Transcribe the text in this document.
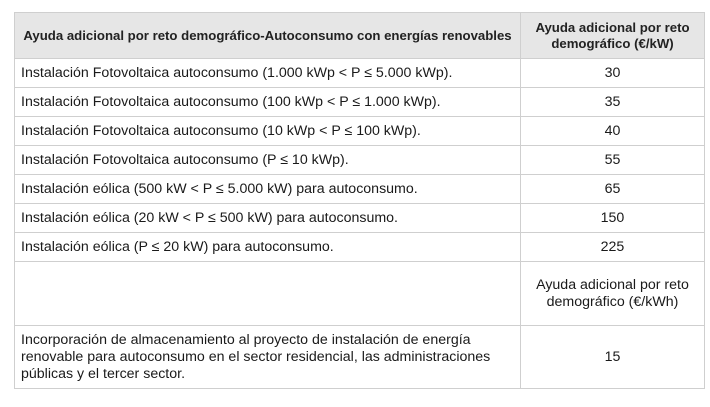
Ayuda adicional por reto demográfico-Autoconsumo con energías renovables	Ayuda adicional por reto demográfico (€/kW)
Instalación Fotovoltaica autoconsumo (1.000 kWp < P ≤ 5.000 kWp).	30
Instalación Fotovoltaica autoconsumo (100 kWp < P ≤ 1.000 kWp).	35
Instalación Fotovoltaica autoconsumo (10 kWp < P ≤ 100 kWp).	40
Instalación Fotovoltaica autoconsumo (P ≤ 10 kWp).	55
Instalación eólica (500 kW < P ≤ 5.000 kW) para autoconsumo.	65
Instalación eólica (20 kW < P ≤ 500 kW) para autoconsumo.	150
Instalación eólica (P ≤ 20 kW) para autoconsumo.	225
	Ayuda adicional por reto demográfico (€/kWh)
Incorporación de almacenamiento al proyecto de instalación de energía renovable para autoconsumo en el sector residencial, las administraciones públicas y el tercer sector.	15
